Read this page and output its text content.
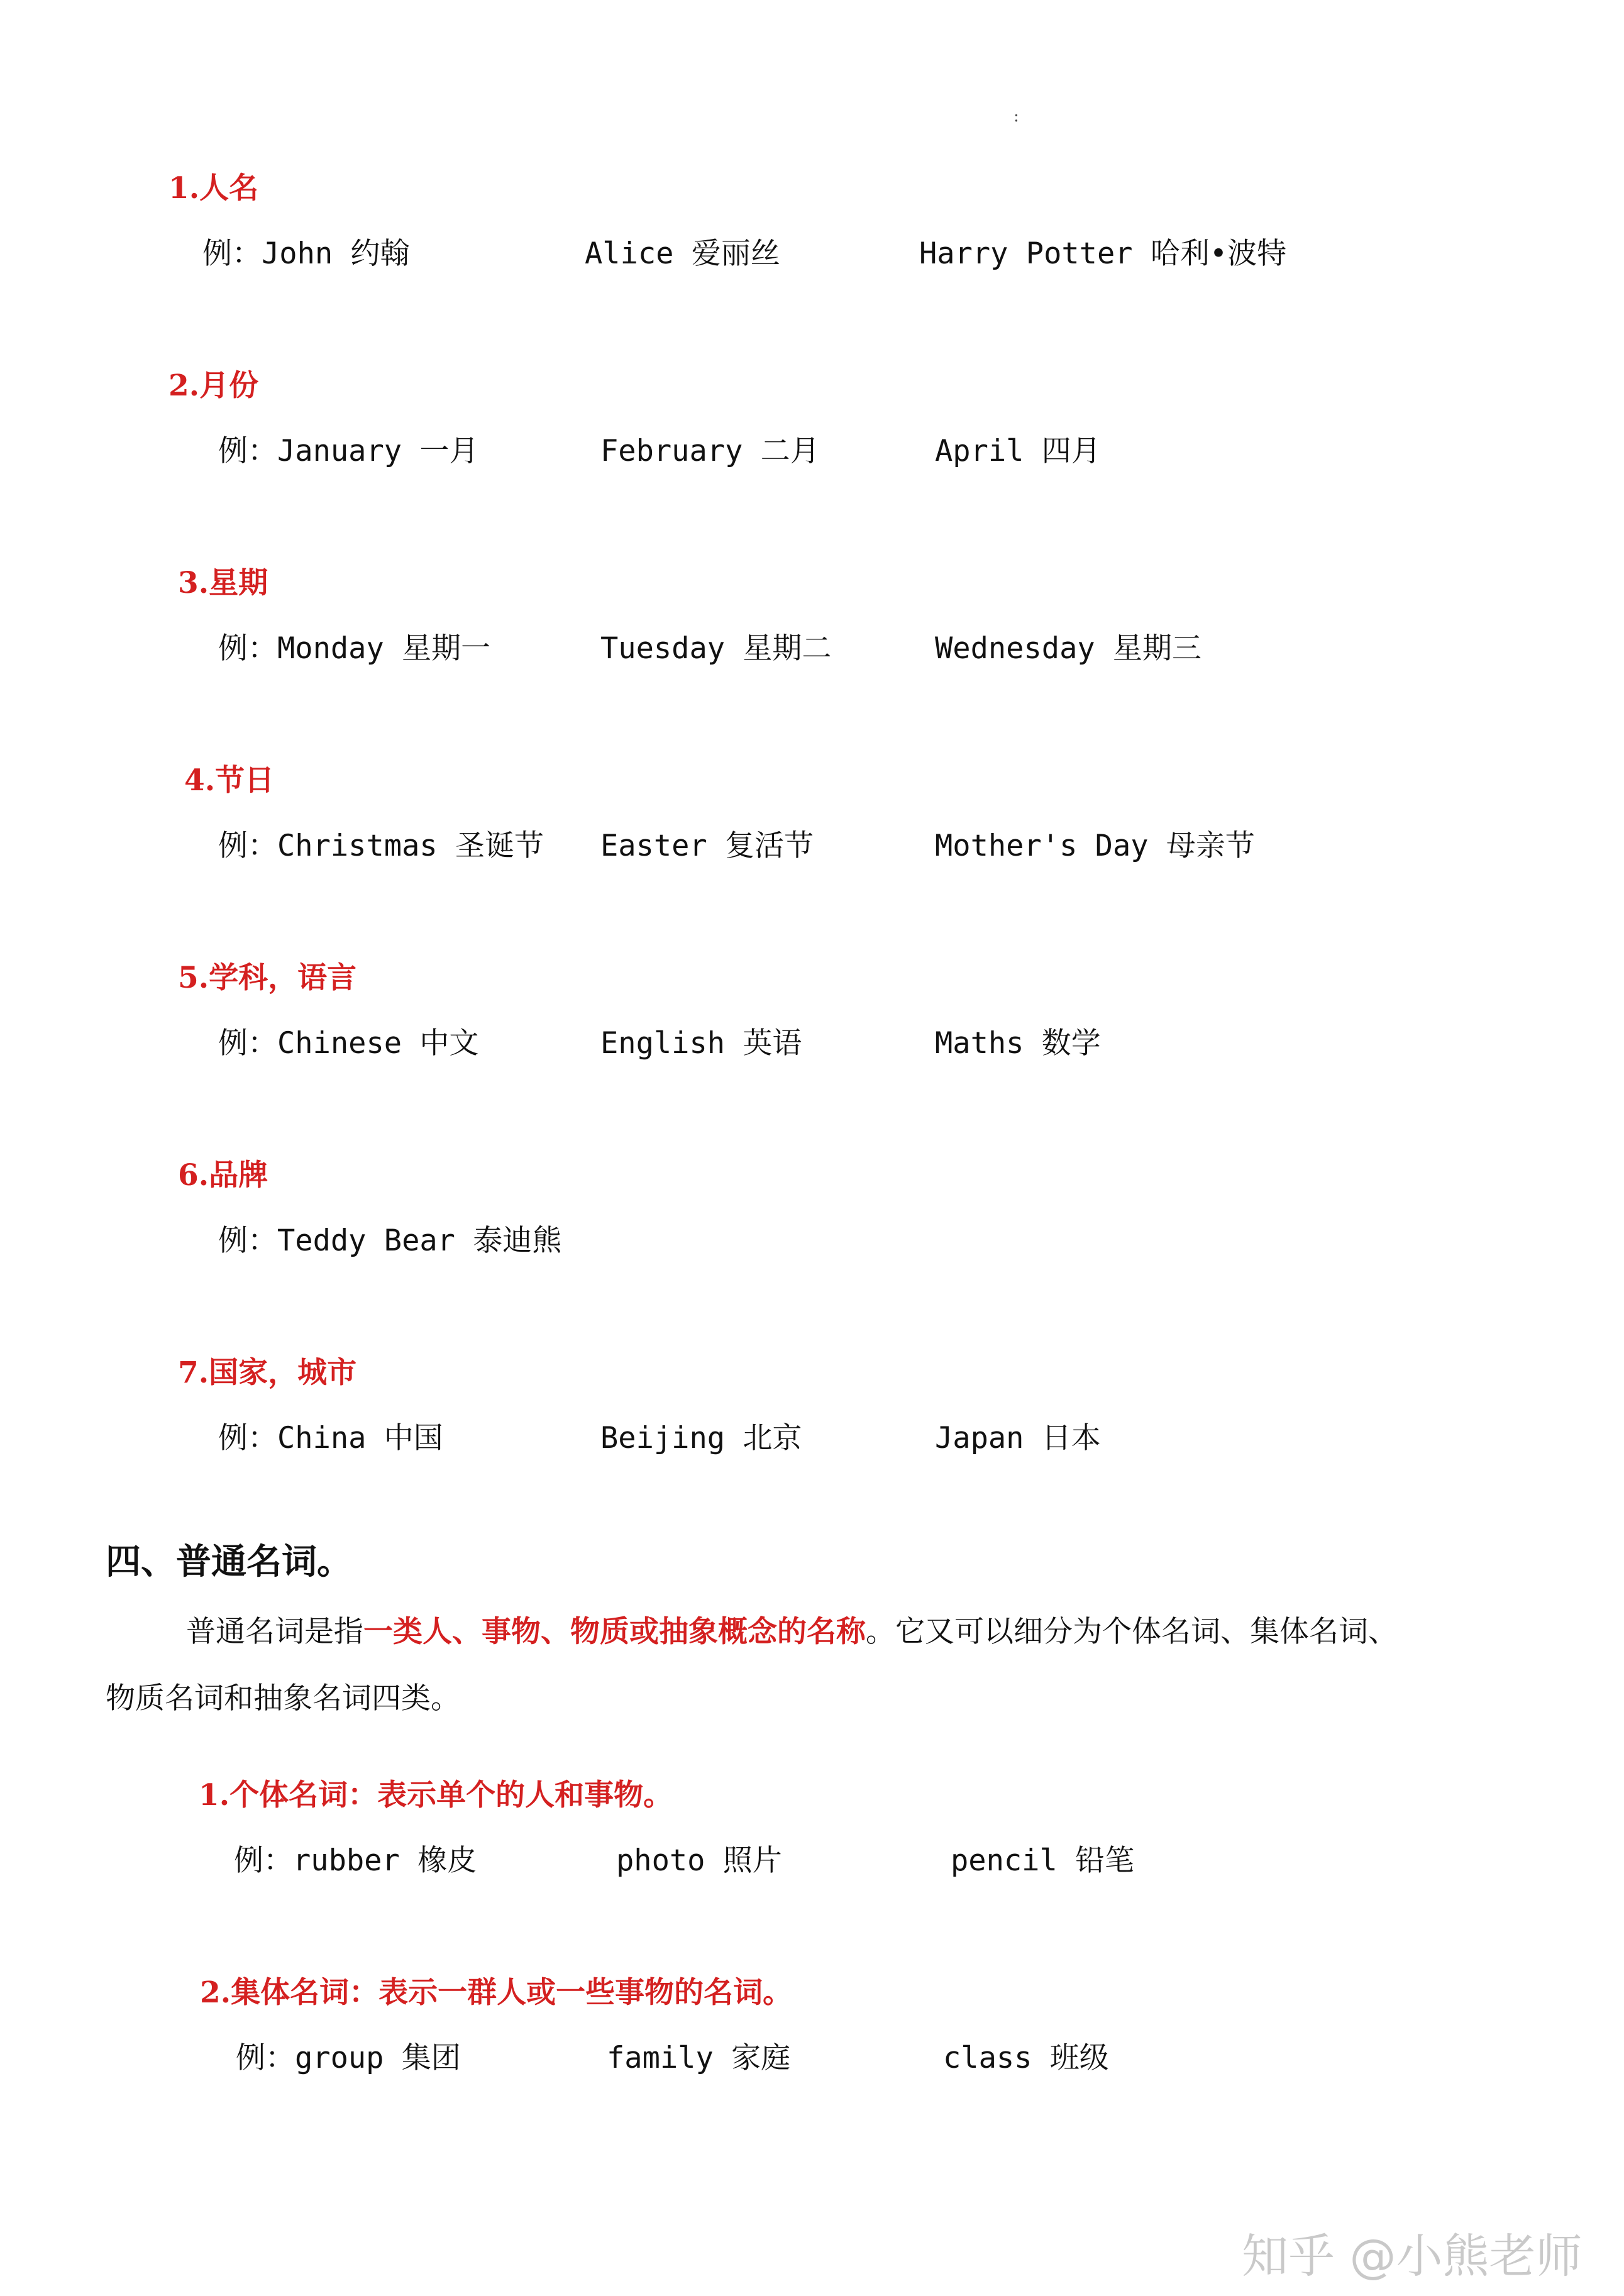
:
1.人名
例：John 约翰	Alice 爱丽丝	Harry Potter 哈利•波特
2.月份
例：January 一月	February 二月	April 四月
3.星期
例：Monday 星期一	Tuesday 星期二	Wednesday 星期三
4.节日
例：Christmas 圣诞节 Easter 复活节	Mother's Day 母亲节
5.学科，语言
例：Chinese 中文	English 英语	Maths 数学
6.品牌
例：Teddy Bear 泰迪熊
7.国家，城市
例：China 中国	Beijing 北京	Japan 日本
四、普通名词。
普通名词是指一类人、事物、物质或抽象概念的名称。它又可以细分为个体名词、集体名词、
物质名词和抽象名词四类。
1.个体名词：表示单个的人和事物。
例：rubber 橡皮	photo 照片	pencil 铅笔
2.集体名词：表示一群人或一些事物的名词。
例：group 集团	family 家庭	class 班级
知乎 @小熊老师
